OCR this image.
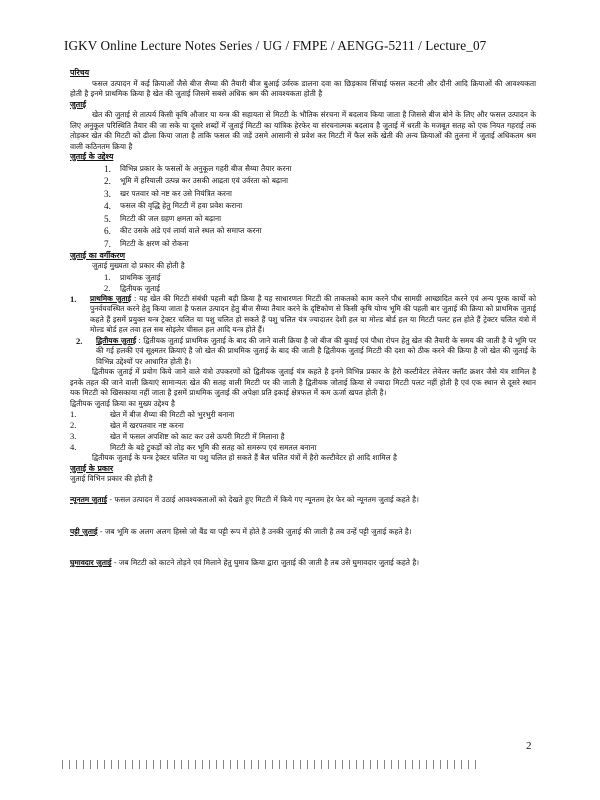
IGKV Online Lecture Notes Series / UG / FMPE / AENGG-5211 / Lecture_07

परिचय

फसल उत्पादन में कई क्रियाओं जैसे बीज सैय्या की तैयारी बीज बुआई उर्वरक डालना दवा का छिड़काव सिंचाई फसल कटनी और दौनी आदि क्रियाओं की आवश्यकता होती है इनमे प्राथमिक क्रिया है खेत की जुताई जिसमे सबसे अधिक श्रम की आवश्यकता होती है

जुताई

खेत की जुताई से तात्पर्य किसी कृषि औजार या यन्त्र की सहायता से मिटटी के भौतिक संरचना में बदलाव किया जाता है जिससे बीज बोने के लिए और फसल उत्पादन के लिए अनुकूल परिस्थिति तैयार की जा सके या दूसरे शब्दों में जुताई मिटटी का यांत्रिक हेरफेर या संरचनात्मक बदलाव है जुताई में धरती के मजबूत सतह को एक नियत गहराई तक तोड़कर खेत की मिटटी को ढीला किया जाता है ताकि फसल की जड़ें उसमे आसानी से प्रवेश कर मिटटी में फैल सकें खेती की अन्य क्रियाओं की तुलना में जुताई अधिकतम श्रम वाली कठिनतम क्रिया है

जुताई के उद्देश्य

1. विभिन्न प्रकार के फसलों के अनुकूल गहरी बीज सैय्या तैयार करना
2. भूमि में हरियाली उत्पन्न कर उसकी आद्रता एवं उर्वरता को बढ़ाना
3. खर पतवार को नष्ट कर उसे नियंत्रित करना
4. फसल की वृद्धि हेतु मिटटी में हवा प्रवेश कराना
5. मिटटी की जल ग्रहण क्षमता को बढ़ाना
6. कीट उसके अंडे एवं लार्वा वाले स्थल को समाप्त करना
7. मिटटी के क्षरण को रोकना

जुताई का वर्गीकरण

जुताई मुख्यता दो प्रकार की होती है

1. प्राथमिक जुताई
2. द्वितीयक जुताई
1. प्राथमिक जुताई : यह खेत की मिटटी संबंधी पहली बड़ी क्रिया है यह साधारणतः मिटटी की ताकतको काम करने पौध सामग्री आच्छादित करने एवं अन्य पूरक कार्यो को पुनर्वयवस्थित करने हेतु किया जाता है फसल उत्पादन हेतु बीज सैय्या तैयार करने के दृष्टिकोण से किसी कृषि योग्य भूमि की पहली बार जुताई की क्रिया को प्राथमिक जुताई कहते हैं इसमें प्रयुक्त यन्त्र ट्रेक्टर चलित या पशु चलित हो सकते हैं पशु चलित यंत्र ज्यादातर देशी हल या मोल्ड बोर्ड हल या मिटटी पलट हल होते हैं ट्रेक्टर चलित यंत्रो में मोल्ड बोर्ड हल तवा हल सब सोइलेर चीसल हल आदि यन्त्र होते हैं।

2. द्वितीयक जुताई : द्वितीयक जुताई प्राथमिक जुताई के बाद की जाने वाली क्रिया है जो बीज की बुवाई एवं पौधा रोपन हेतु खेत की तैयारी के समय की जाती है ये भूमि पर की गई हलकी एवं सूक्ष्मतर क्रियाएं है जो खेत की प्राथमिक जुताई के बाद की जाती है द्वितीयक जुताई मिटटी की दशा को ठीक करने की क्रिया है जो खेत की जुताई के विभिन्न उद्देश्यों पर आधारित होती है।

द्वितीयक जुताई में प्रयोग किये जाने वाले यंत्रो उपकरणों को द्वितीयक जुताई यंत्र कहते है इनमे विभिन्न प्रकार के हैरो कल्टीवेटर लेवेलर क्लॉट क्रशर जैसे यंत्र शामिल है इनके तहत की जाने वाली क्रियाएं सामान्यतः खेत की सतह वाली मिटटी पर की जाती है द्वितीयक जोताई क्रिया से ज्यादा मिटटी पलट नहीं होती है एवं एक स्थान से दूसरे स्थान यक मिटटी को खिसकाया नहीं जाता है इसमें प्राथमिक जुताई की अपेक्षा प्रति इकाई क्षेत्रफल में कम ऊर्जा खपत होती है।

द्वितीयक जुताई क्रिया का मुख्य उद्देश्य है

1.	खेत में बीज शैय्या की मिटटी को भुरभुरी बनाना
2.	खेत में खरपतवार नष्ट करना
3.	खेत में फसल अपशिष्ट को काट कर उसे ऊपरी मिटटी में मिलाना है
4.	मिटटी के बड़े टुकड़ों को तोड़ कर भूमि की सतह को समरूप एवं समतल बनाना

द्वितीयक जुताई के यन्त्र ट्रेक्टर चलित या पशु चलित हो सकते हैं बैल चलित यंत्रों में हैरो कल्टीवेटर हो आदि शामिल है

जुताई के प्रकार

जुताई विभिन प्रकार की होती है

न्यूनतम जुताई - फसल उत्पादन में उठाई आवश्यकताओं को देखते हुए मिटटी में किये गए न्यूनतम हेर फेर को न्यूनतम जुताई कहते है।

पट्टी जुताई - जब भूमि क अलग अलग हिस्से जो बैंड या पट्टी रूप में होते है उनकी जुताई की जाती है तब उन्हें पट्टी जुताई कहते है।

घुमावदार जुताई - जब मिटटी को काटने तोड़ने एवं मिलाने हेतु घुमाव क्रिया द्वारा जुताई की जाती है तब उसे घुमावदार जुताई कहते है।

2
